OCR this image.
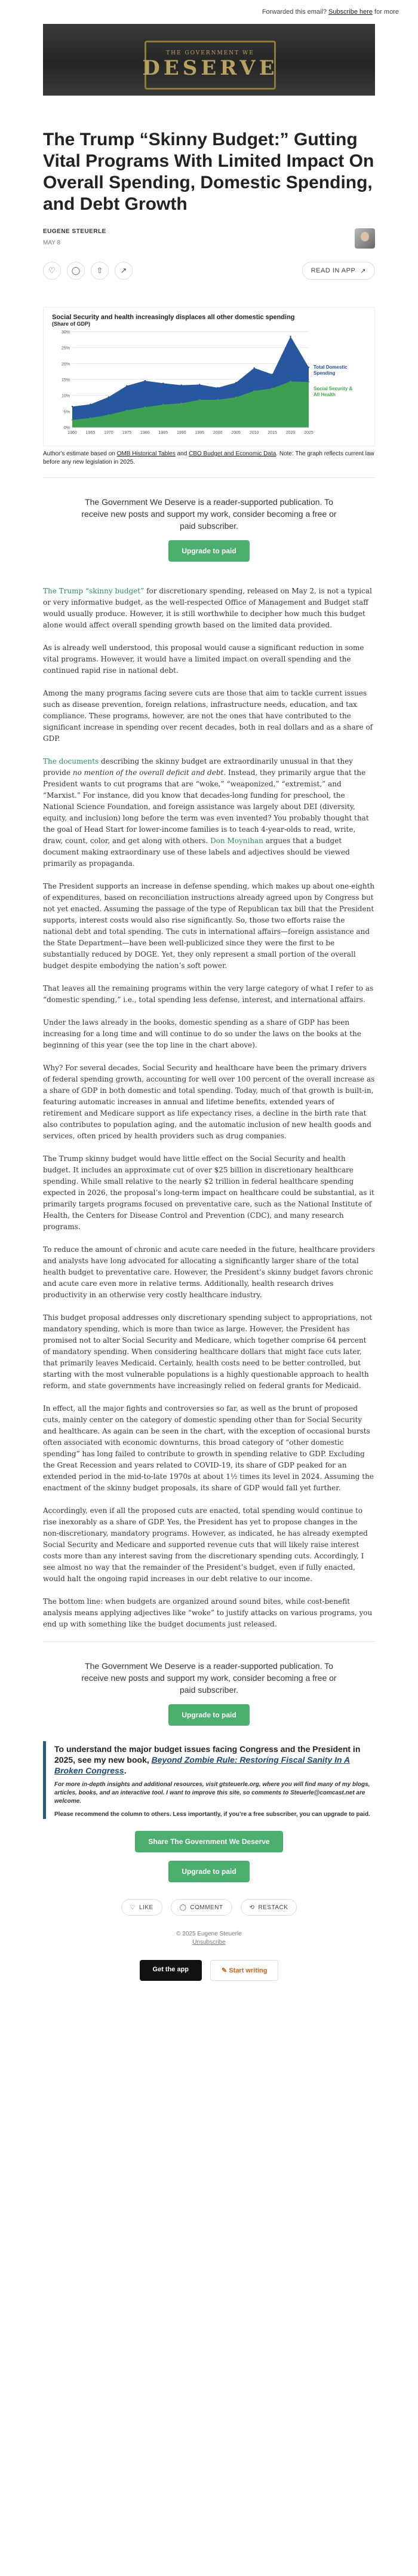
Forwarded this email? Subscribe here for more
THE GOVERNMENT WE
DESERVE
The Trump “Skinny Budget:” Gutting Vital Programs With Limited Impact On Overall Spending, Domestic Spending, and Debt Growth
EUGENE STEUERLE
MAY 8
♡	◯	⇧	↗	READ IN APP ↗
Social Security and health increasingly displaces all other domestic spending
(Share of GDP)
0%
5%
10%
15%
20%
25%
30%
1960 1965 1970 1975 1980 1985 1990 1995 2000 2005 2010 2015 2020 2025
Total Domestic
Spending
Social Security &
All Health
Author's estimate based on OMB Historical Tables and CBO Budget and Economic Data. Note: The graph reflects current law before any new legislation in 2025.
The Government We Deserve is a reader-supported publication. To receive new posts and support my work, consider becoming a free or paid subscriber.
Upgrade to paid

The Trump “skinny budget” for discretionary spending, released on May 2, is not a typical or very informative budget, as the well-respected Office of Management and Budget staff would usually produce. However, it is still worthwhile to decipher how much this budget alone would affect overall spending growth based on the limited data provided.

As is already well understood, this proposal would cause a significant reduction in some vital programs. However, it would have a limited impact on overall spending and the continued rapid rise in national debt.

Among the many programs facing severe cuts are those that aim to tackle current issues such as disease prevention, foreign relations, infrastructure needs, education, and tax compliance. These programs, however, are not the ones that have contributed to the significant increase in spending over recent decades, both in real dollars and as a share of GDP.

The documents describing the skinny budget are extraordinarily unusual in that they provide no mention of the overall deficit and debt. Instead, they primarily argue that the President wants to cut programs that are “woke,” “weaponized,” “extremist,” and “Marxist.” For instance, did you know that decades-long funding for preschool, the National Science Foundation, and foreign assistance was largely about DEI (diversity, equity, and inclusion) long before the term was even invented? You probably thought that the goal of Head Start for lower-income families is to teach 4-year-olds to read, write, draw, count, color, and get along with others. Don Moynihan argues that a budget document making extraordinary use of these labels and adjectives should be viewed primarily as propaganda.

The President supports an increase in defense spending, which makes up about one-eighth of expenditures, based on reconciliation instructions already agreed upon by Congress but not yet enacted. Assuming the passage of the type of Republican tax bill that the President supports, interest costs would also rise significantly. So, those two efforts raise the national debt and total spending. The cuts in international affairs—foreign assistance and the State Department—have been well-publicized since they were the first to be substantially reduced by DOGE. Yet, they only represent a small portion of the overall budget despite embodying the nation’s soft power.

That leaves all the remaining programs within the very large category of what I refer to as “domestic spending,” i.e., total spending less defense, interest, and international affairs.

Under the laws already in the books, domestic spending as a share of GDP has been increasing for a long time and will continue to do so under the laws on the books at the beginning of this year (see the top line in the chart above).

Why? For several decades, Social Security and healthcare have been the primary drivers of federal spending growth, accounting for well over 100 percent of the overall increase as a share of GDP in both domestic and total spending. Today, much of that growth is built-in, featuring automatic increases in annual and lifetime benefits, extended years of retirement and Medicare support as life expectancy rises, a decline in the birth rate that also contributes to population aging, and the automatic inclusion of new health goods and services, often priced by health providers such as drug companies.

The Trump skinny budget would have little effect on the Social Security and health budget. It includes an approximate cut of over $25 billion in discretionary healthcare spending. While small relative to the nearly $2 trillion in federal healthcare spending expected in 2026, the proposal’s long-term impact on healthcare could be substantial, as it primarily targets programs focused on preventative care, such as the National Institute of Health, the Centers for Disease Control and Prevention (CDC), and many research programs.

To reduce the amount of chronic and acute care needed in the future, healthcare providers and analysts have long advocated for allocating a significantly larger share of the total health budget to preventative care. However, the President’s skinny budget favors chronic and acute care even more in relative terms. Additionally, health research drives productivity in an otherwise very costly healthcare industry.

This budget proposal addresses only discretionary spending subject to appropriations, not mandatory spending, which is more than twice as large. However, the President has promised not to alter Social Security and Medicare, which together comprise 64 percent of mandatory spending. When considering healthcare dollars that might face cuts later, that primarily leaves Medicaid. Certainly, health costs need to be better controlled, but starting with the most vulnerable populations is a highly questionable approach to health reform, and state governments have increasingly relied on federal grants for Medicaid.

In effect, all the major fights and controversies so far, as well as the brunt of proposed cuts, mainly center on the category of domestic spending other than for Social Security and healthcare. As again can be seen in the chart, with the exception of occasional bursts often associated with economic downturns, this broad category of “other domestic spending” has long failed to contribute to growth in spending relative to GDP. Excluding the Great Recession and years related to COVID-19, its share of GDP peaked for an extended period in the mid-to-late 1970s at about 1½ times its level in 2024. Assuming the enactment of the skinny budget proposals, its share of GDP would fall yet further.

Accordingly, even if all the proposed cuts are enacted, total spending would continue to rise inexorably as a share of GDP. Yes, the President has yet to propose changes in the non-discretionary, mandatory programs. However, as indicated, he has already exempted Social Security and Medicare and supported revenue cuts that will likely raise interest costs more than any interest saving from the discretionary spending cuts. Accordingly, I see almost no way that the remainder of the President’s budget, even if fully enacted, would halt the ongoing rapid increases in our debt relative to our income.

The bottom line: when budgets are organized around sound bites, while cost-benefit analysis means applying adjectives like “woke” to justify attacks on various programs, you end up with something like the budget documents just released.

The Government We Deserve is a reader-supported publication. To receive new posts and support my work, consider becoming a free or paid subscriber.
Upgrade to paid
To understand the major budget issues facing Congress and the President in 2025, see my new book, Beyond Zombie Rule: Restoring Fiscal Sanity In A Broken Congress.
For more in-depth insights and additional resources, visit gtsteuerle.org, where you will find many of my blogs, articles, books, and an interactive tool. I want to improve this site, so comments to Steuerle@comcast.net are welcome.
Please recommend the column to others. Less importantly, if you’re a free subscriber, you can upgrade to paid.
Share The Government We Deserve
Upgrade to paid
♡ LIKE	◯ COMMENT	⟲ RESTACK
© 2025 Eugene Steuerle
Unsubscribe
Get the app	✎ Start writing
